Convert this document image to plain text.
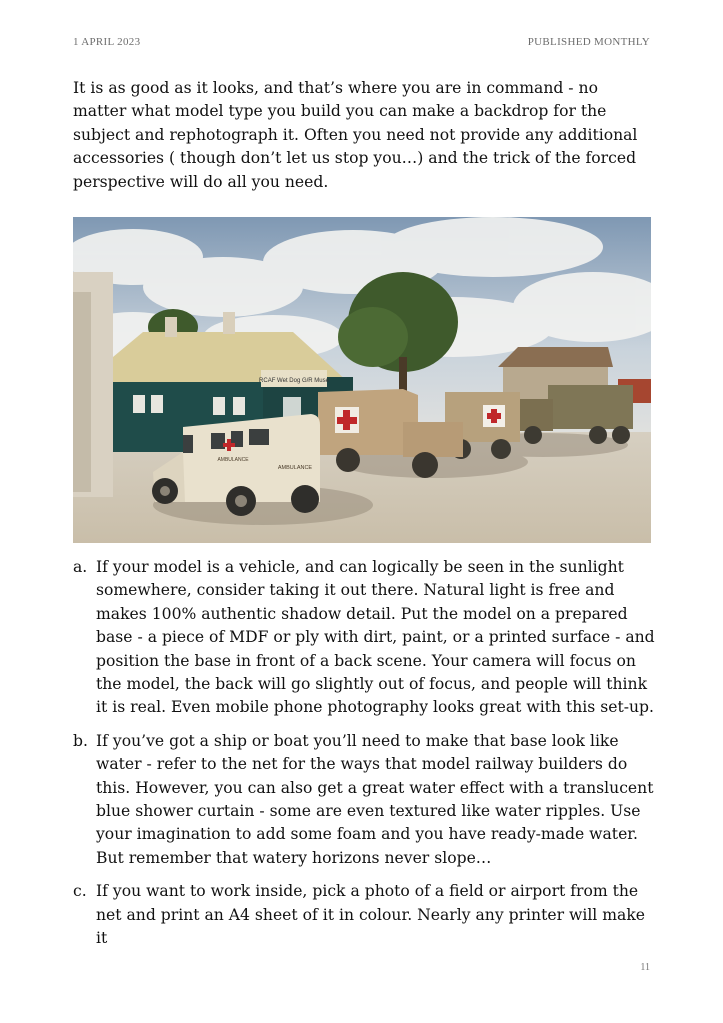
1 APRIL 2023	PUBLISHED MONTHLY

It is as good as it looks, and that’s where you are in command - no matter what model type you build you can make a backdrop for the subject and rephotograph it. Often you need not provide any additional accessories ( though don’t let us stop you…) and the trick of the forced perspective will do all you need.

RCAF Wet Dog G/R Muse
AMBULANCE
AMBULANCE
a. If your model is a vehicle, and can logically be seen in the sunlight somewhere, consider taking it out there. Natural light is free and makes 100% authentic shadow detail. Put the model on a prepared base - a piece of MDF or ply with dirt, paint, or a printed surface - and position the base in front of a back scene. Your camera will focus on the model, the back will go slightly out of focus, and people will think it is real. Even mobile phone photography looks great with this set-up.
b. If you’ve got a ship or boat you’ll need to make that base look like water - refer to the net for the ways that model railway builders do this. However, you can also get a great water effect with a translucent blue shower curtain - some are even textured like water ripples. Use your imagination to add some foam and you have ready-made water. But remember that watery horizons never slope…
c. If you want to work inside, pick a photo of a field or airport from the net and print an A4 sheet of it in colour. Nearly any printer will make it
11
